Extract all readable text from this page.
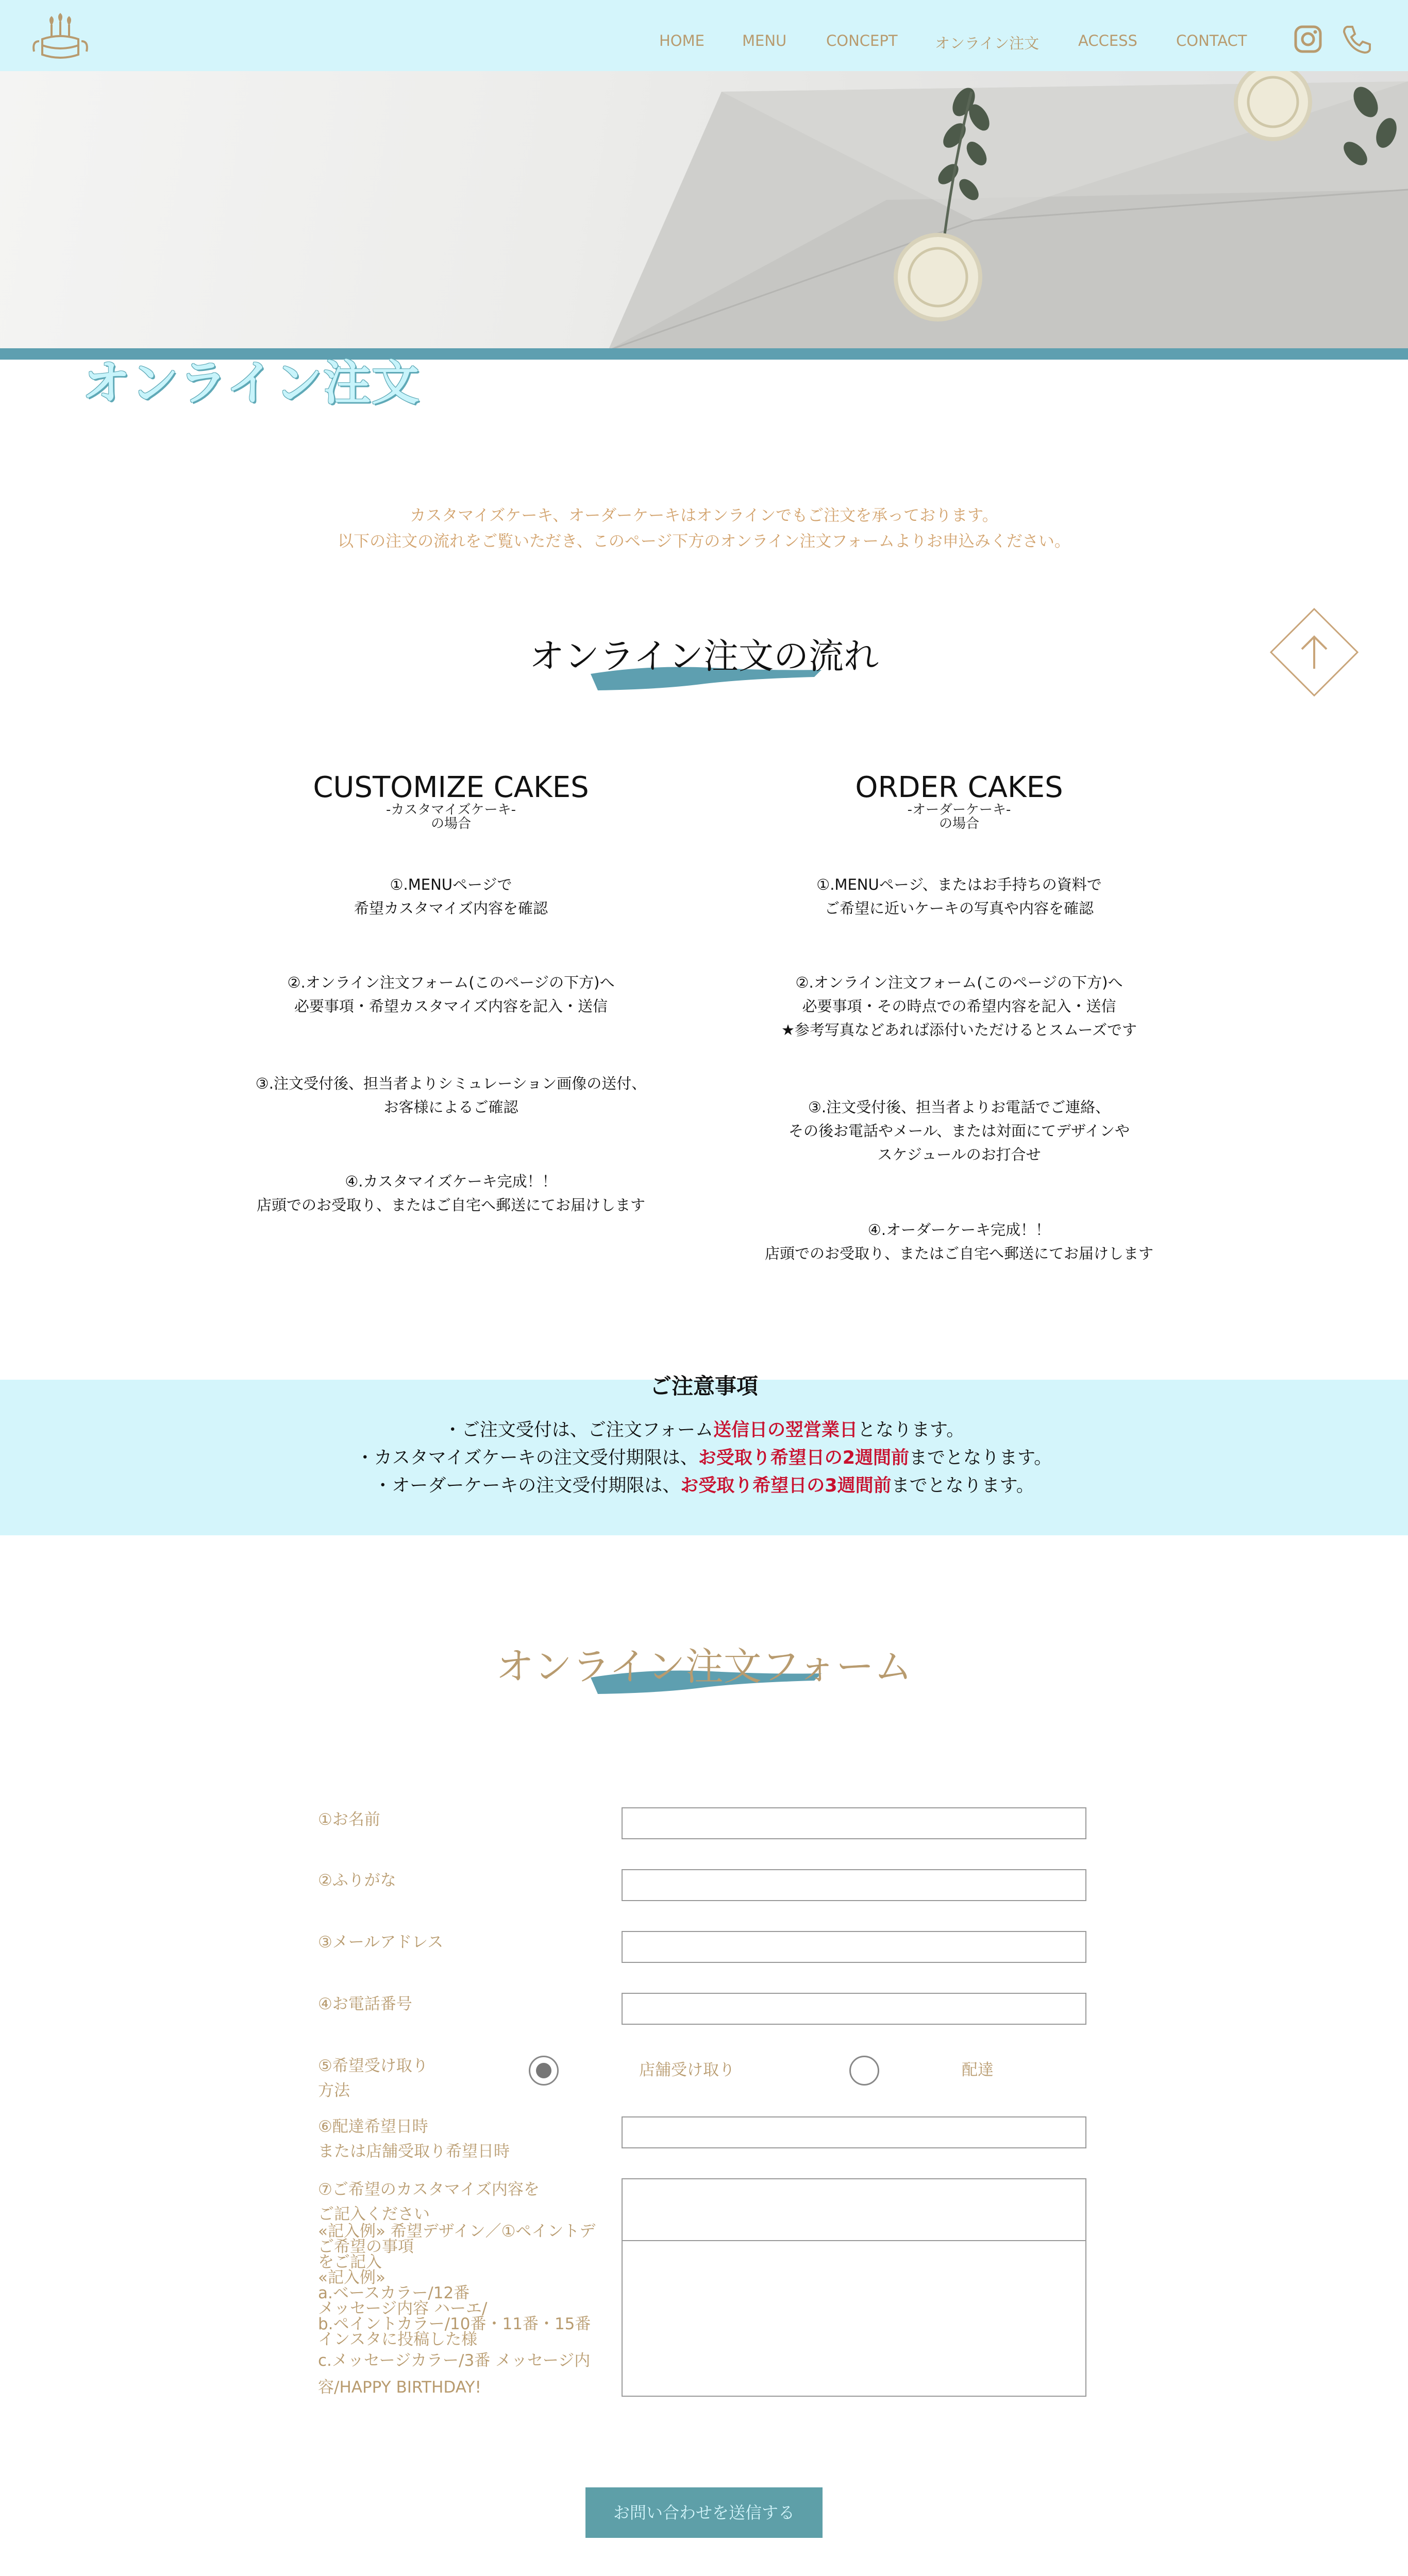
HOME	MENU	CONCEPT オンライン注文	ACCESS	CONTACT
オンライン注文
カスタマイズケーキ、オーダーケーキはオンラインでもご注文を承っております。
以下の注文の流れをご覧いただき、このページ下方のオンライン注文フォームよりお申込みください。
オンライン注文の流れ
CUSTOMIZE CAKES
-カスタマイズケーキ-
の場合
①.MENUページで
希望カスタマイズ内容を確認
②.オンライン注文フォーム(このページの下方)へ
必要事項・希望カスタマイズ内容を記入・送信
③.注文受付後、担当者よりシミュレーション画像の送付、
お客様によるご確認
④.カスタマイズケーキ完成！！
店頭でのお受取り、またはご自宅へ郵送にてお届けします
ORDER CAKES
-オーダーケーキ-
の場合
①.MENUページ、またはお手持ちの資料で
ご希望に近いケーキの写真や内容を確認
②.オンライン注文フォーム(このページの下方)へ
必要事項・その時点での希望内容を記入・送信
★参考写真などあれば添付いただけるとスムーズです
③.注文受付後、担当者よりお電話でご連絡、
その後お電話やメール、または対面にてデザインや
スケジュールのお打合せ
④.オーダーケーキ完成！！
店頭でのお受取り、またはご自宅へ郵送にてお届けします
ご注意事項
・ご注文受付は、ご注文フォーム送信日の翌営業日となります。
・カスタマイズケーキの注文受付期限は、お受取り希望日の2週間前までとなります。
・オーダーケーキの注文受付期限は、お受取り希望日の3週間前までとなります。
オンライン注文フォーム
①お名前
②ふりがな
③メールアドレス
④お電話番号
⑤希望受け取り
方法
店舗受け取り	配達
⑥配達希望日時
または店舗受取り希望日時
⑦ご希望のカスタマイズ内容を
ご記入ください
«記入例» 希望デザイン／①ペイントデ
ご希望の事項
をご記入
«記入例»
a.ベースカラー/12番
メッセージ内容 ハーエ/
b.ペイントカラー/10番・11番・15番
インスタに投稿した様
c.メッセージカラー/3番 メッセージ内
容/HAPPY BIRTHDAY!
お問い合わせを送信する
